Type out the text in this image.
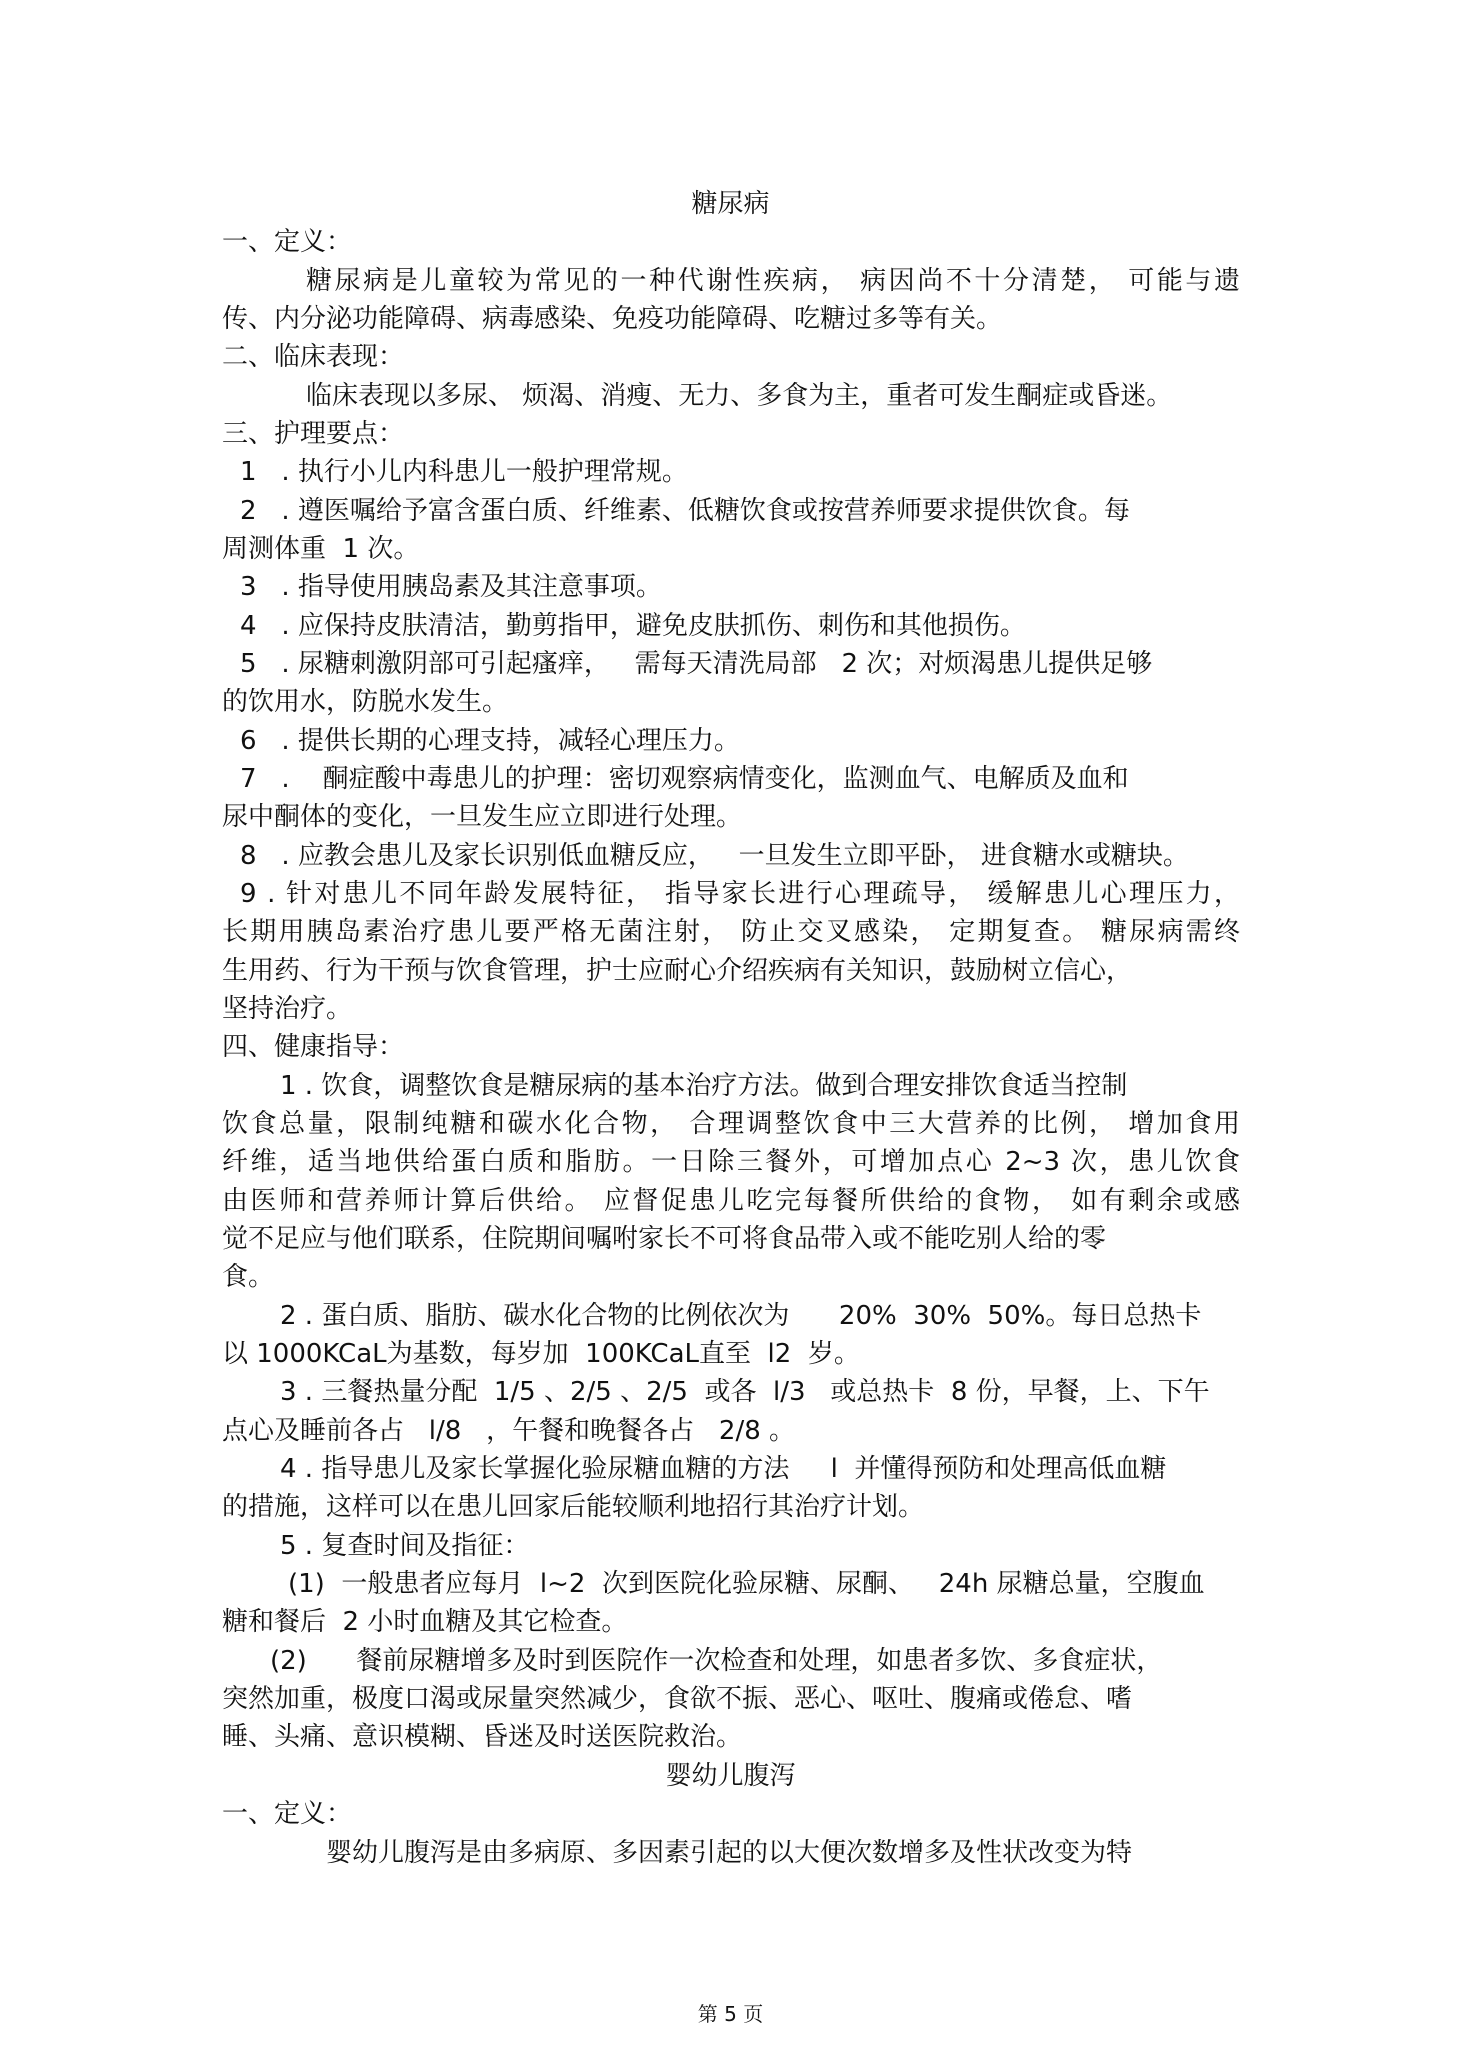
糖尿病
一、定义：
糖尿病是儿童较为常见的一种代谢性疾病， 病因尚不十分清楚， 可能与遗
传、内分泌功能障碍、病毒感染、免疫功能障碍、吃糖过多等有关。
二、临床表现：
临床表现以多尿、 烦渴、消瘦、无力、多食为主，重者可发生酮症或昏迷。
三、护理要点：
1   . 执行小儿内科患儿一般护理常规。
2   . 遵医嘱给予富含蛋白质、纤维素、低糖饮食或按营养师要求提供饮食。每
周测体重  1 次。
3   . 指导使用胰岛素及其注意事项。
4   . 应保持皮肤清洁，勤剪指甲，避免皮肤抓伤、刺伤和其他损伤。
5   . 尿糖刺激阴部可引起瘙痒，   需每天清洗局部   2 次；对烦渴患儿提供足够
的饮用水，防脱水发生。
6   . 提供长期的心理支持，减轻心理压力。
7   .    酮症酸中毒患儿的护理：密切观察病情变化，监测血气、电解质及血和
尿中酮体的变化，一旦发生应立即进行处理。
8   . 应教会患儿及家长识别低血糖反应，   一旦发生立即平卧， 进食糖水或糖块。
9 . 针对患儿不同年龄发展特征， 指导家长进行心理疏导， 缓解患儿心理压力，
长期用胰岛素治疗患儿要严格无菌注射， 防止交叉感染， 定期复查。 糖尿病需终
生用药、行为干预与饮食管理，护士应耐心介绍疾病有关知识，鼓励树立信心，
坚持治疗。
四、健康指导：
1 . 饮食，调整饮食是糖尿病的基本治疗方法。做到合理安排饮食适当控制
饮食总量，限制纯糖和碳水化合物， 合理调整饮食中三大营养的比例， 增加食用
纤维，适当地供给蛋白质和脂肪。一日除三餐外，可增加点心 2~3 次，患儿饮食
由医师和营养师计算后供给。 应督促患儿吃完每餐所供给的食物， 如有剩余或感
觉不足应与他们联系，住院期间嘱咐家长不可将食品带入或不能吃别人给的零
食。
2 . 蛋白质、脂肪、碳水化合物的比例依次为      20%  30%  50%。每日总热卡
以 1000KCaL为基数，每岁加  100KCaL直至  l2  岁。
3 . 三餐热量分配  1/5 、2/5 、2/5  或各  l/3   或总热卡  8 份，早餐，上、下午
点心及睡前各占   l/8   ，午餐和晚餐各占   2/8 。
4 . 指导患儿及家长掌握化验尿糖血糖的方法     l  并懂得预防和处理高低血糖
的措施，这样可以在患儿回家后能较顺利地招行其治疗计划。
5 . 复查时间及指征：
(1)  一般患者应每月  l~2  次到医院化验尿糖、尿酮、   24h 尿糖总量，空腹血
糖和餐后  2 小时血糖及其它检查。
(2)      餐前尿糖增多及时到医院作一次检查和处理，如患者多饮、多食症状，
突然加重，极度口渴或尿量突然减少，食欲不振、恶心、呕吐、腹痛或倦怠、嗜
睡、头痛、意识模糊、昏迷及时送医院救治。
婴幼儿腹泻
一、定义：
婴幼儿腹泻是由多病原、多因素引起的以大便次数增多及性状改变为特
第 5 页
